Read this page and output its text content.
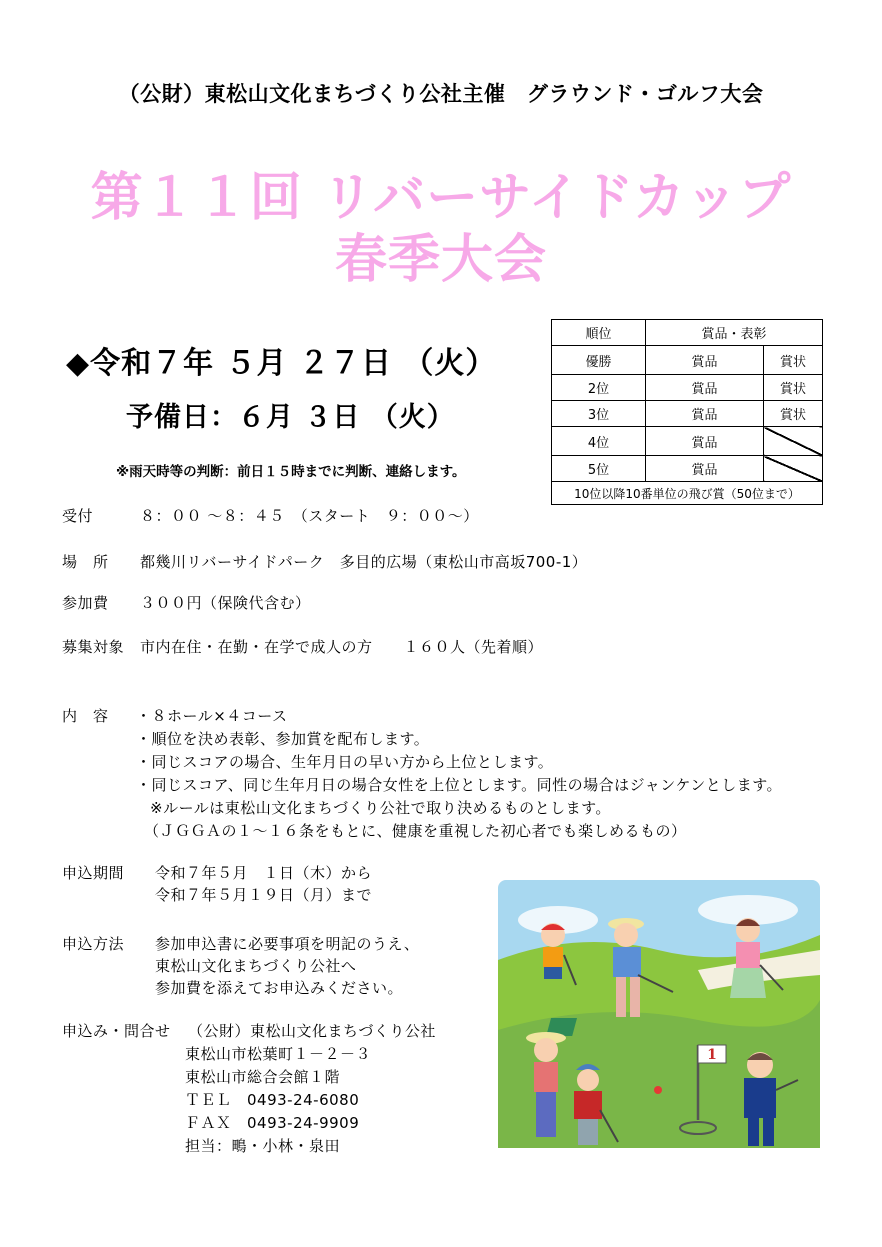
（公財）東松山文化まちづくり公社主催　グラウンド・ゴルフ大会
第１１回 リバーサイドカップ
春季大会
◆令和７年 ５月 ２７日 （火）
予備日：６月 ３日 （火）
※雨天時等の判断：前日１５時までに判断、連絡します。
順位	賞品・表彰	
優勝	賞品	賞状
2位	賞品	賞状
3位	賞品	賞状
4位	賞品	
5位	賞品	
10位以降10番単位の飛び賞（50位まで）		
受付	８：００ ～８：４５　（スタート　９：００～）
場　所 都幾川リバーサイドパーク　多目的広場（東松山市高坂700-1）
参加費 ３００円（保険代含む）
募集対象 市内在住・在勤・在学で成人の方　　１６０人（先着順）
内　容 ・８ホール×４コース
・順位を決め表彰、参加賞を配布します。
・同じスコアの場合、生年月日の早い方から上位とします。
・同じスコア、同じ生年月日の場合女性を上位とします。同性の場合はジャンケンとします。
※ルールは東松山文化まちづくり公社で取り決めるものとします。
（ＪＧＧＡの１～１６条をもとに、健康を重視した初心者でも楽しめるもの）
申込期間 令和７年５月　１日（木）から
令和７年５月１９日（月）まで
申込方法 参加申込書に必要事項を明記のうえ、
東松山文化まちづくり公社へ
参加費を添えてお申込みください。
申込み・問合せ （公財）東松山文化まちづくり公社
東松山市松葉町１－２－３
東松山市総合会館１階
ＴＥＬ　0493-24-6080
ＦＡＸ　0493-24-9909
担当：鴫・小林・泉田
1
